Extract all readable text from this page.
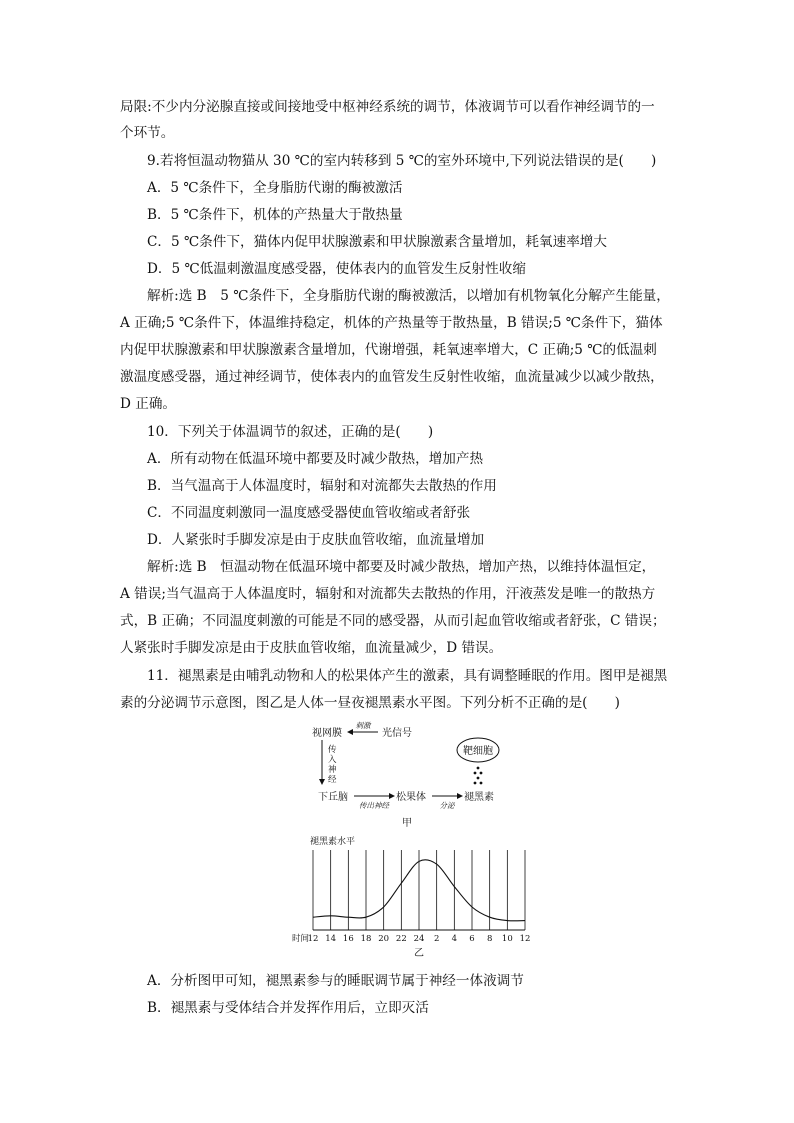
局限:不少内分泌腺直接或间接地受中枢神经系统的调节，体液调节可以看作神经调节的一
个环节。
9.若将恒温动物猫从 30 ℃的室内转移到 5 ℃的室外环境中,下列说法错误的是(　　)
A．5 ℃条件下，全身脂肪代谢的酶被激活
B．5 ℃条件下，机体的产热量大于散热量
C．5 ℃条件下，猫体内促甲状腺激素和甲状腺激素含量增加，耗氧速率增大
D．5 ℃低温刺激温度感受器，使体表内的血管发生反射性收缩
解析:选 B　5 ℃条件下，全身脂肪代谢的酶被激活，以增加有机物氧化分解产生能量，
A 正确;5 ℃条件下，体温维持稳定，机体的产热量等于散热量，B 错误;5 ℃条件下，猫体
内促甲状腺激素和甲状腺激素含量增加，代谢增强，耗氧速率增大，C 正确;5 ℃的低温刺
激温度感受器，通过神经调节，使体表内的血管发生反射性收缩，血流量减少以减少散热，
D 正确。
10．下列关于体温调节的叙述，正确的是(　　)
A．所有动物在低温环境中都要及时减少散热，增加产热
B．当气温高于人体温度时，辐射和对流都失去散热的作用
C．不同温度刺激同一温度感受器使血管收缩或者舒张
D．人紧张时手脚发凉是由于皮肤血管收缩，血流量增加
解析:选 B　恒温动物在低温环境中都要及时减少散热，增加产热，以维持体温恒定，
A 错误;当气温高于人体温度时，辐射和对流都失去散热的作用，汗液蒸发是唯一的散热方
式，B 正确；不同温度刺激的可能是不同的感受器，从而引起血管收缩或者舒张，C 错误；
人紧张时手脚发凉是由于皮肤血管收缩，血流量减少，D 错误。
11．褪黑素是由哺乳动物和人的松果体产生的激素，具有调整睡眠的作用。图甲是褪黑
素的分泌调节示意图，图乙是人体一昼夜褪黑素水平图。下列分析不正确的是(　　)
视网膜
刺激
光信号
传
入
神
经
靶细胞
下丘脑
传出神经
松果体
分泌
褪黑素
甲
褪黑素水平
12 14 16 18 20 22 24 2 4 6 8 10 12
时间
乙
A．分析图甲可知，褪黑素参与的睡眠调节属于神经一体液调节
B．褪黑素与受体结合并发挥作用后，立即灭活
